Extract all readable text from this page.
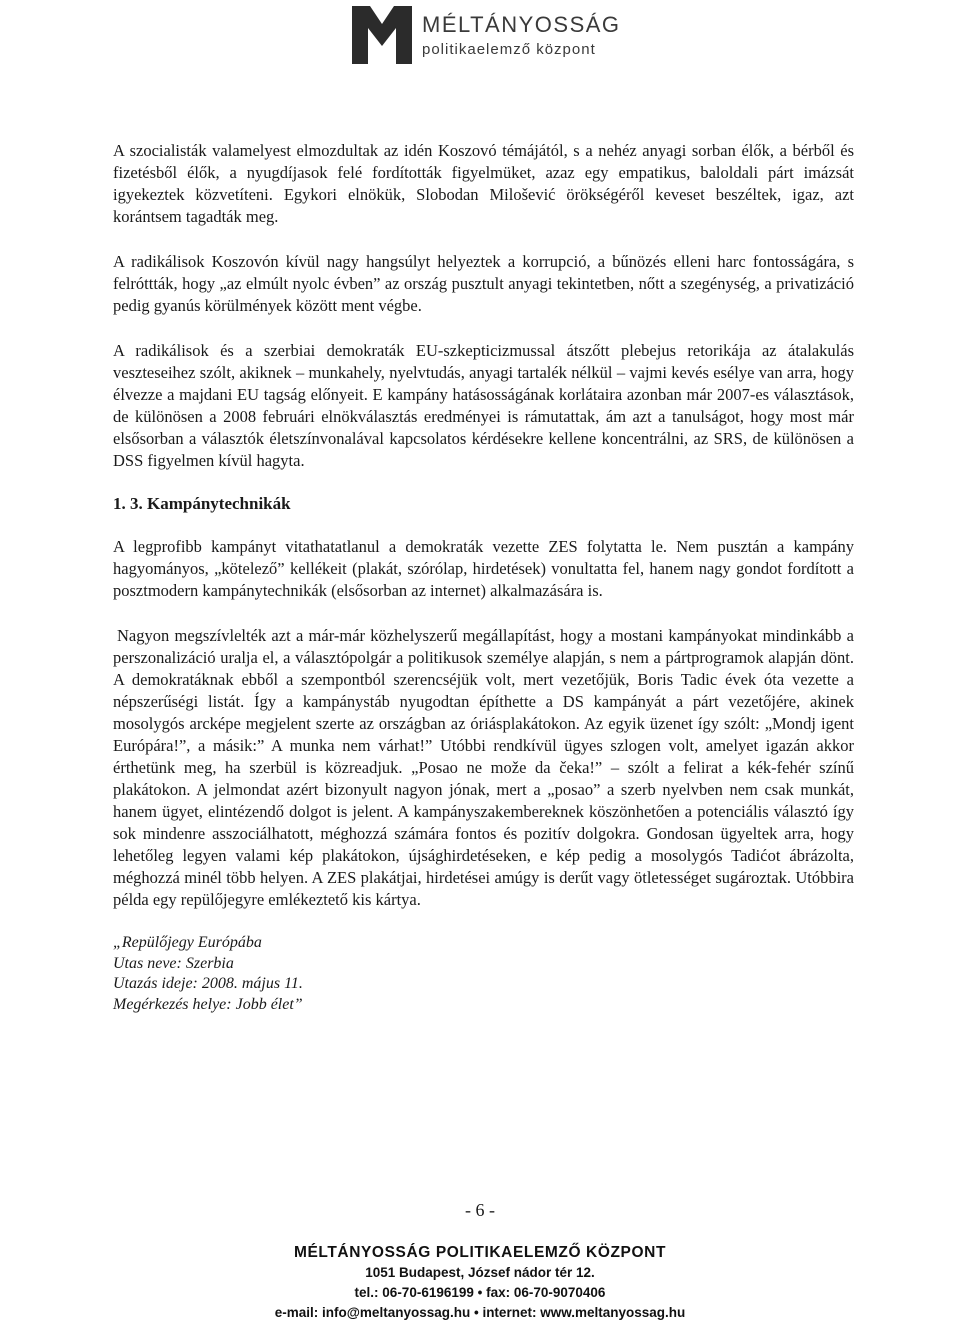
MÉLTÁNYOSSÁG
politikaelemző központ

A szocialisták valamelyest elmozdultak az idén Koszovó témájától, s a nehéz anyagi sorban élők, a bérből és fizetésből élők, a nyugdíjasok felé fordították figyelmüket, azaz egy empatikus, baloldali párt imázsát igyekeztek közvetíteni. Egykori elnökük, Slobodan Milošević örökségéről keveset beszéltek, igaz, azt korántsem tagadták meg.

A radikálisok Koszovón kívül nagy hangsúlyt helyeztek a korrupció, a bűnözés elleni harc fontosságára, s felróttták, hogy „az elmúlt nyolc évben” az ország pusztult anyagi tekintetben, nőtt a szegénység, a privatizáció pedig gyanús körülmények között ment végbe.

A radikálisok és a szerbiai demokraták EU-szkepticizmussal átszőtt plebejus retorikája az átalakulás veszteseihez szólt, akiknek – munkahely, nyelvtudás, anyagi tartalék nélkül – vajmi kevés esélye van arra, hogy élvezze a majdani EU tagság előnyeit. E kampány hatásosságának korlátaira azonban már 2007-es választások, de különösen a 2008 februári elnökválasztás eredményei is rámutattak, ám azt a tanulságot, hogy most már elsősorban a választók életszínvonalával kapcsolatos kérdésekre kellene koncentrálni, az SRS, de különösen a DSS figyelmen kívül hagyta.

1. 3. Kampánytechnikák

A legprofibb kampányt vitathatatlanul a demokraták vezette ZES folytatta le. Nem pusztán a kampány hagyományos, „kötelező” kellékeit (plakát, szórólap, hirdetések) vonultatta fel, hanem nagy gondot fordított a posztmodern kampánytechnikák (elsősorban az internet) alkalmazására is.

Nagyon megszívlelték azt a már-már közhelyszerű megállapítást, hogy a mostani kampányokat mindinkább a perszonalizáció uralja el, a választópolgár a politikusok személye alapján, s nem a pártprogramok alapján dönt. A demokratáknak ebből a szempontból szerencséjük volt, mert vezetőjük, Boris Tadic évek óta vezette a népszerűségi listát. Így a kampánystáb nyugodtan építhette a DS kampányát a párt vezetőjére, akinek mosolygós arcképe megjelent szerte az országban az óriásplakátokon. Az egyik üzenet így szólt: „Mondj igent Európára!”, a másik:” A munka nem várhat!” Utóbbi rendkívül ügyes szlogen volt, amelyet igazán akkor érthetünk meg, ha szerbül is közreadjuk. „Posao ne može da čeka!” – szólt a felirat a kék-fehér színű plakátokon. A jelmondat azért bizonyult nagyon jónak, mert a „posao” a szerb nyelvben nem csak munkát, hanem ügyet, elintézendő dolgot is jelent. A kampányszakembereknek köszönhetően a potenciális választó így sok mindenre asszociálhatott, méghozzá számára fontos és pozitív dolgokra. Gondosan ügyeltek arra, hogy lehetőleg legyen valami kép plakátokon, újsághirdetéseken, e kép pedig a mosolygós Tadićot ábrázolta, méghozzá minél több helyen. A ZES plakátjai, hirdetései amúgy is derűt vagy ötletességet sugároztak. Utóbbira példa egy repülőjegyre emlékeztető kis kártya.

„Repülőjegy Európába
Utas neve: Szerbia
Utazás ideje: 2008. május 11.
Megérkezés helye: Jobb élet”

- 6 -
MÉLTÁNYOSSÁG POLITIKAELEMZŐ KÖZPONT
1051 Budapest, József nádor tér 12.
tel.: 06-70-6196199 • fax: 06-70-9070406
e-mail: info@meltanyossag.hu • internet: www.meltanyossag.hu
